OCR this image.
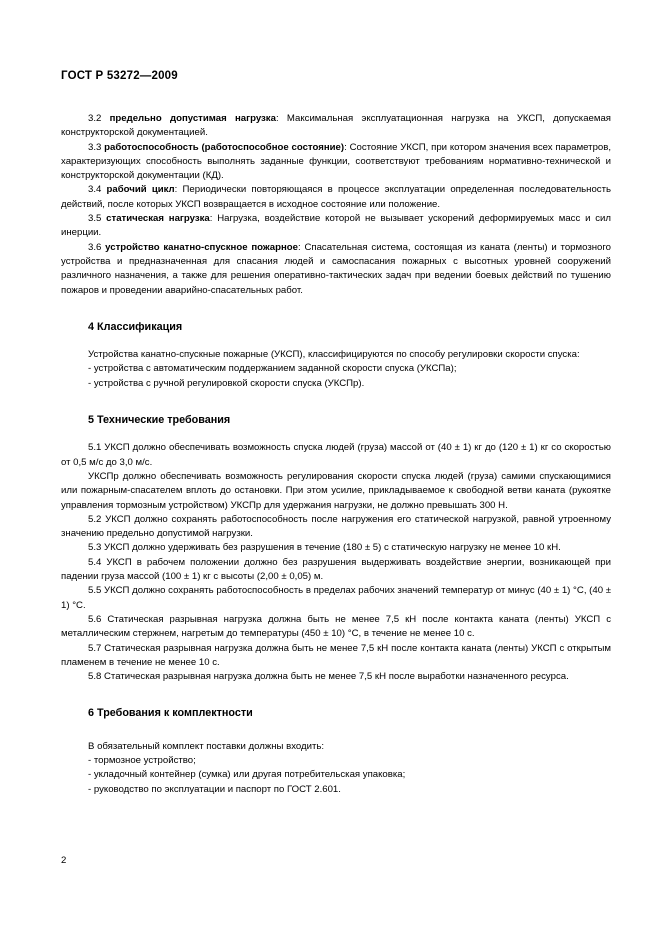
ГОСТ Р 53272—2009

3.2 предельно допустимая нагрузка: Максимальная эксплуатационная нагрузка на УКСП, допускаемая конструкторской документацией.

3.3 работоспособность (работоспособное состояние): Состояние УКСП, при котором значения всех параметров, характеризующих способность выполнять заданные функции, соответствуют требованиям нормативно-технической и конструкторской документации (КД).

3.4 рабочий цикл: Периодически повторяющаяся в процессе эксплуатации определенная последовательность действий, после которых УКСП возвращается в исходное состояние или положение.

3.5 статическая нагрузка: Нагрузка, воздействие которой не вызывает ускорений деформируемых масс и сил инерции.

3.6 устройство канатно-спускное пожарное: Спасательная система, состоящая из каната (ленты) и тормозного устройства и предназначенная для спасания людей и самоспасания пожарных с высотных уровней сооружений различного назначения, а также для решения оперативно-тактических задач при ведении боевых действий по тушению пожаров и проведении аварийно-спасательных работ.

4 Классификация

Устройства канатно-спускные пожарные (УКСП), классифицируются по способу регулировки скорости спуска:

- устройства с автоматическим поддержанием заданной скорости спуска (УКСПа);

- устройства с ручной регулировкой скорости спуска (УКСПр).

5 Технические требования

5.1 УКСП должно обеспечивать возможность спуска людей (груза) массой от (40 ± 1) кг до (120 ± 1) кг со скоростью от 0,5 м/с до 3,0 м/с.

УКСПр должно обеспечивать возможность регулирования скорости спуска людей (груза) самими спускающимися или пожарным-спасателем вплоть до остановки. При этом усилие, прикладываемое к свободной ветви каната (рукоятке управления тормозным устройством) УКСПр для удержания нагрузки, не должно превышать 300 Н.

5.2 УКСП должно сохранять работоспособность после нагружения его статической нагрузкой, равной утроенному значению предельно допустимой нагрузки.

5.3 УКСП должно удерживать без разрушения в течение (180 ± 5) с статическую нагрузку не менее 10 кН.

5.4 УКСП в рабочем положении должно без разрушения выдерживать воздействие энергии, возникающей при падении груза массой (100 ± 1) кг с высоты (2,00 ± 0,05) м.

5.5 УКСП должно сохранять работоспособность в пределах рабочих значений температур от минус (40 ± 1) °С, (40 ± 1) °С.

5.6 Статическая разрывная нагрузка должна быть не менее 7,5 кН после контакта каната (ленты) УКСП с металлическим стержнем, нагретым до температуры (450 ± 10) °С, в течение не менее 10 с.

5.7 Статическая разрывная нагрузка должна быть не менее 7,5 кН после контакта каната (ленты) УКСП с открытым пламенем в течение не менее 10 с.

5.8 Статическая разрывная нагрузка должна быть не менее 7,5 кН после выработки назначенного ресурса.

6 Требования к комплектности

В обязательный комплект поставки должны входить:

- тормозное устройство;

- укладочный контейнер (сумка) или другая потребительская упаковка;

- руководство по эксплуатации и паспорт по ГОСТ 2.601.

2
